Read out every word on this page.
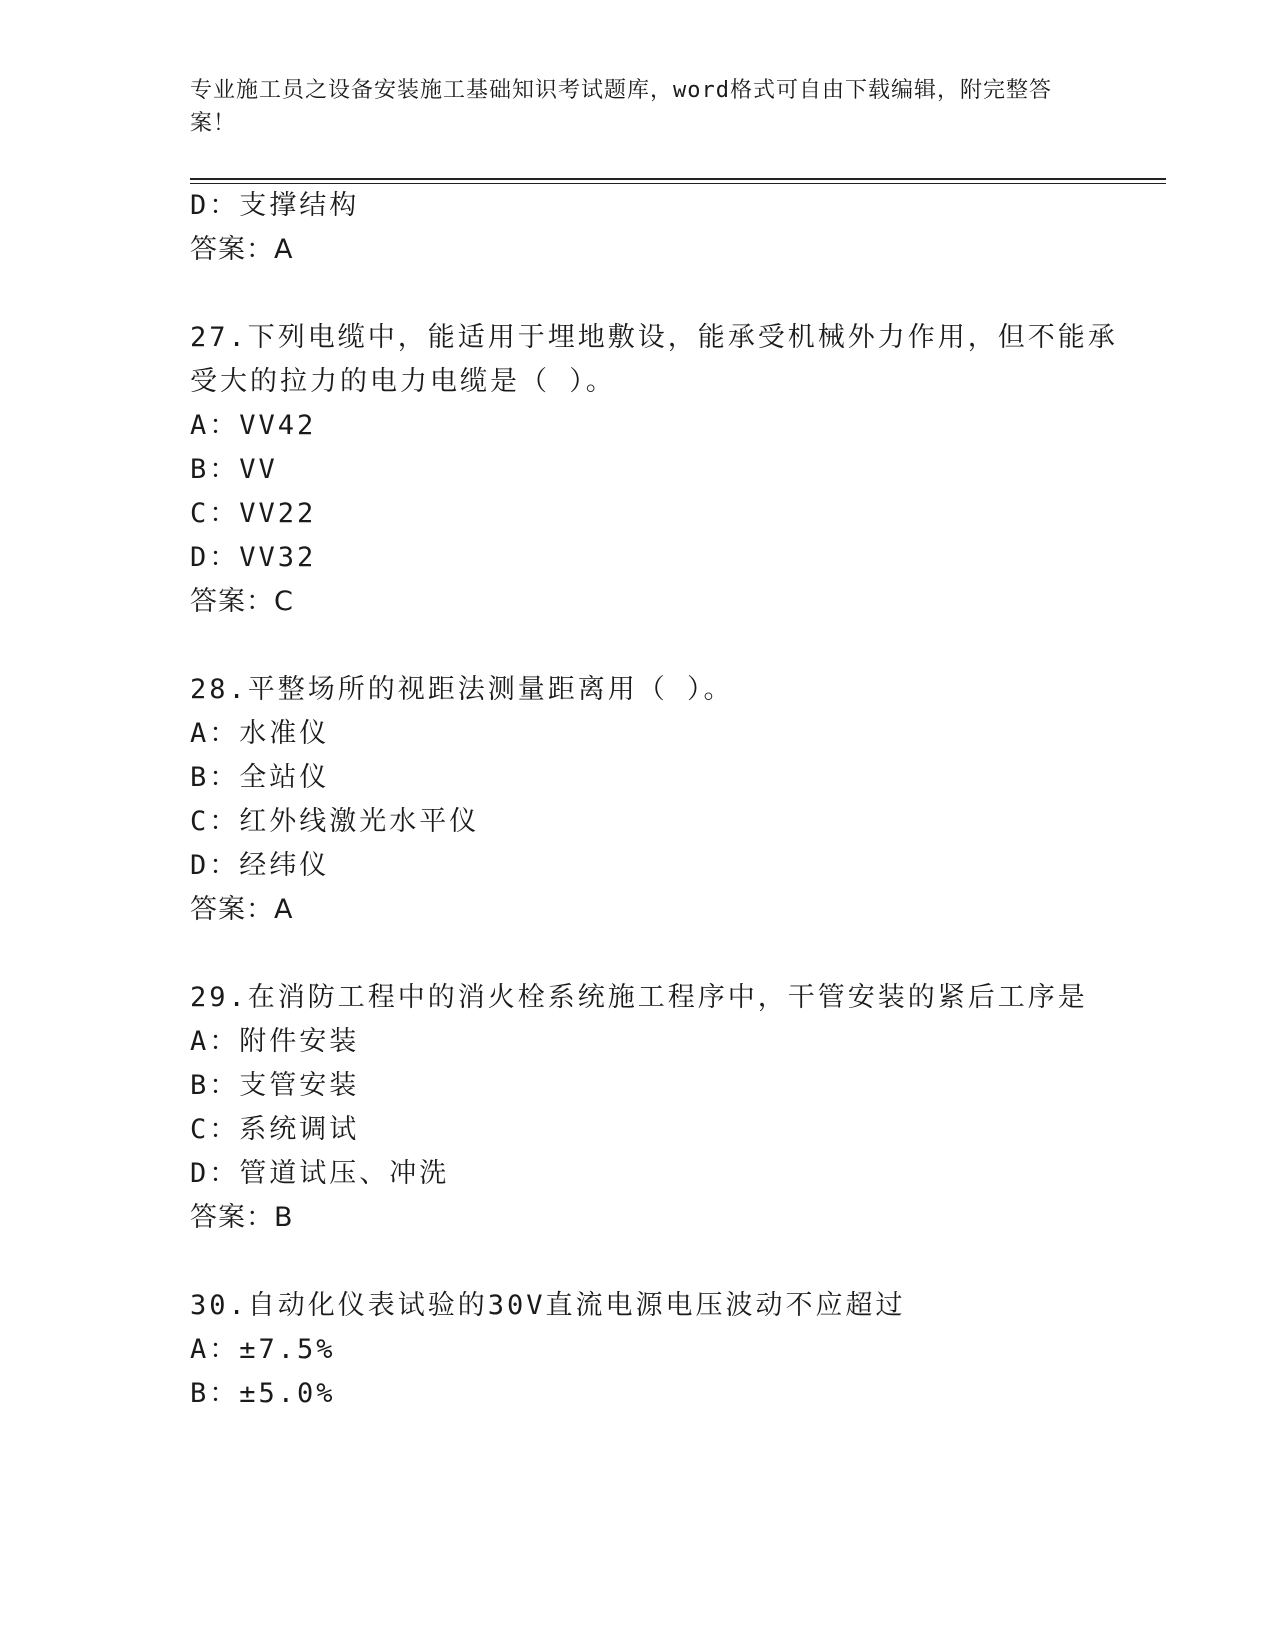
专业施工员之设备安装施工基础知识考试题库，word格式可自由下载编辑，附完整答案！
D：支撑结构
答案：A
27.下列电缆中，能适用于埋地敷设，能承受机械外力作用，但不能承
受大的拉力的电力电缆是（ ）。
A：VV42
B：VV
C：VV22
D：VV32
答案：C
28.平整场所的视距法测量距离用（ ）。
A：水准仪
B：全站仪
C：红外线激光水平仪
D：经纬仪
答案：A
29.在消防工程中的消火栓系统施工程序中，干管安装的紧后工序是
A：附件安装
B：支管安装
C：系统调试
D：管道试压、冲洗
答案：B
30.自动化仪表试验的30V直流电源电压波动不应超过
A：±7.5%
B：±5.0%
